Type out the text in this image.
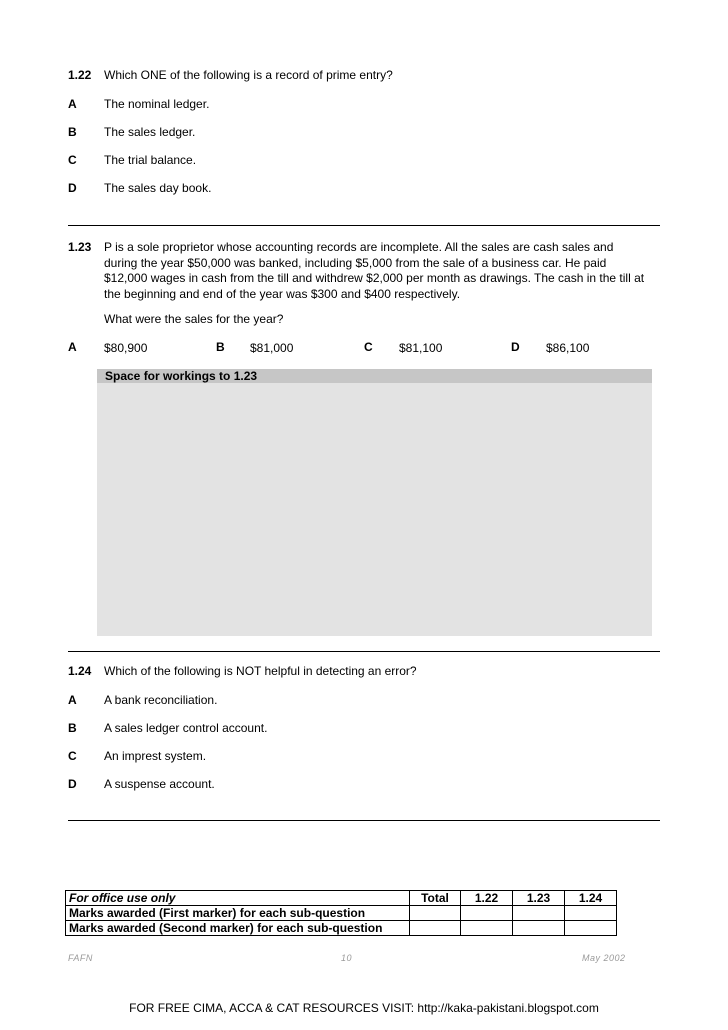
1.22 Which ONE of the following is a record of prime entry?
A The nominal ledger.
B The sales ledger.
C The trial balance.
D The sales day book.
1.23 P is a sole proprietor whose accounting records are incomplete. All the sales are cash sales and
during the year $50,000 was banked, including $5,000 from the sale of a business car. He paid
$12,000 wages in cash from the till and withdrew $2,000 per month as drawings. The cash in the till at
the beginning and end of the year was $300 and $400 respectively.
What were the sales for the year?
A $80,900	B $81,000	C $81,100	D $86,100
Space for workings to 1.23
1.24 Which of the following is NOT helpful in detecting an error?
A A bank reconciliation.
B A sales ledger control account.
C An imprest system.
D A suspense account.
For office use only	Total	1.22	1.23	1.24
Marks awarded (First marker) for each sub-question				
Marks awarded (Second marker) for each sub-question				
FAFN	10	May 2002
FOR FREE CIMA, ACCA & CAT RESOURCES VISIT: http://kaka-pakistani.blogspot.com
